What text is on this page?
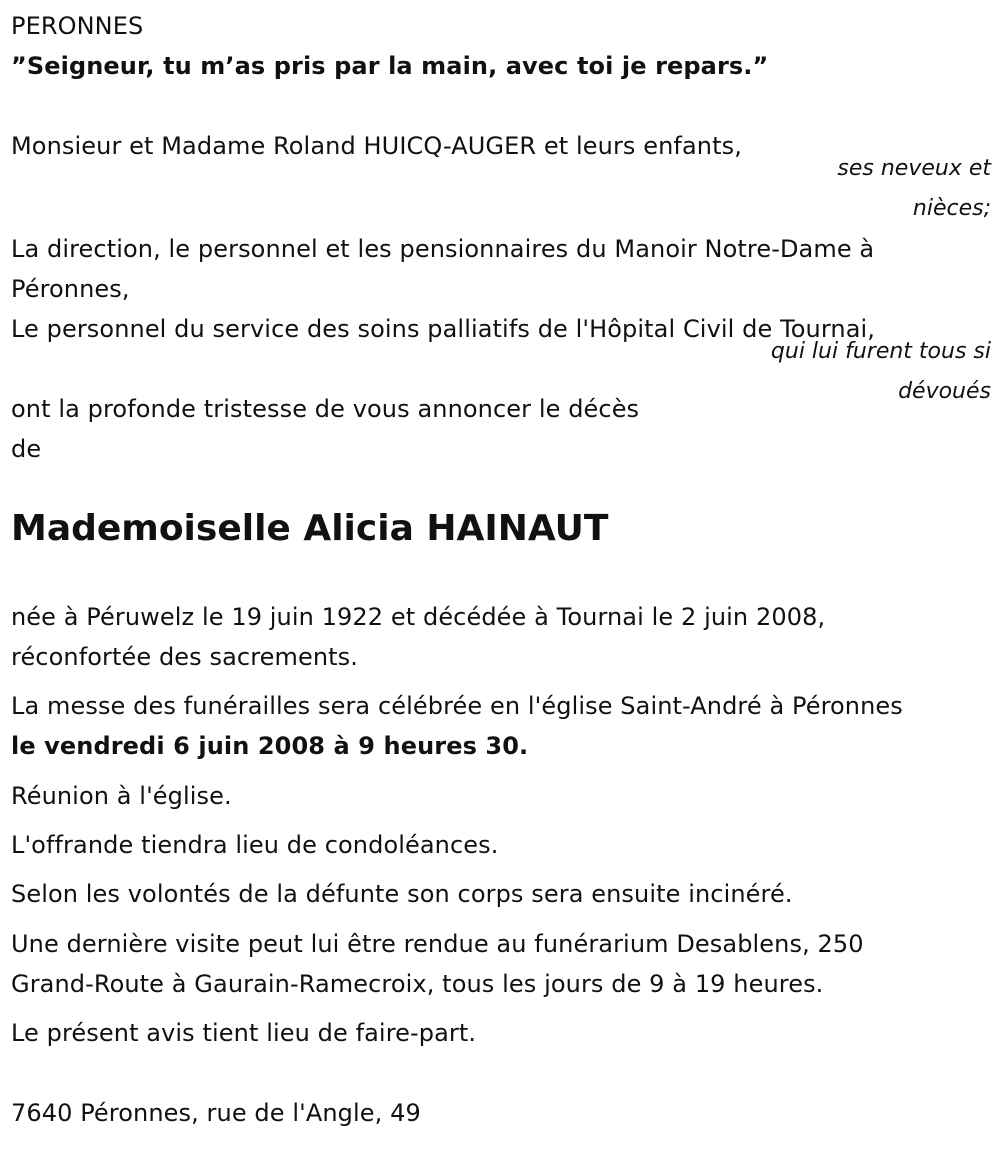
PERONNES
”Seigneur, tu m’as pris par la main, avec toi je repars.”
Monsieur et Madame Roland HUICQ-AUGER et leurs enfants,
ses neveux et
nièces;
La direction, le personnel et les pensionnaires du Manoir Notre-Dame à
Péronnes,
Le personnel du service des soins palliatifs de l'Hôpital Civil de Tournai,
qui lui furent tous si
dévoués
ont la profonde tristesse de vous annoncer le décès
de
Mademoiselle Alicia HAINAUT
née à Péruwelz le 19 juin 1922 et décédée à Tournai le 2 juin 2008,
réconfortée des sacrements.
La messe des funérailles sera célébrée en l'église Saint-André à Péronnes
le vendredi 6 juin 2008 à 9 heures 30.
Réunion à l'église.
L'offrande tiendra lieu de condoléances.
Selon les volontés de la défunte son corps sera ensuite incinéré.
Une dernière visite peut lui être rendue au funérarium Desablens, 250
Grand-Route à Gaurain-Ramecroix, tous les jours de 9 à 19 heures.
Le présent avis tient lieu de faire-part.
7640 Péronnes, rue de l'Angle, 49
